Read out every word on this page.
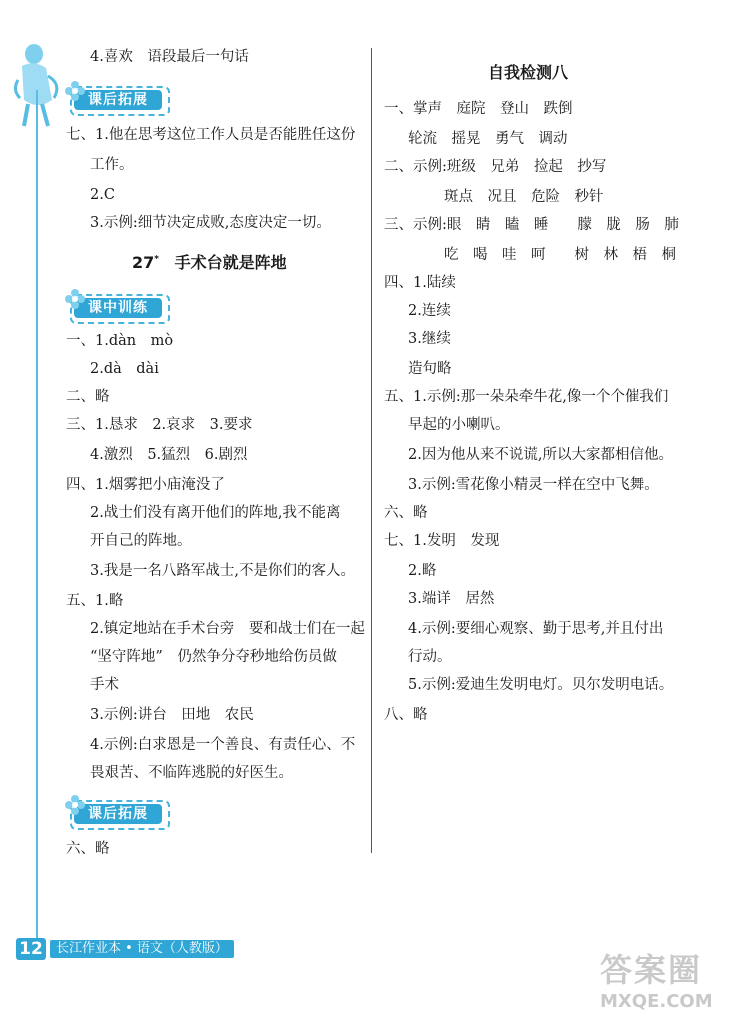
4.喜欢　语段最后一句话
课后拓展
七、1.他在思考这位工作人员是否能胜任这份
工作。
2.C
3.示例:细节决定成败,态度决定一切。
27* 手术台就是阵地
课中训练
一、1.dàn　mò
2.dà　dài
二、略
三、1.恳求　2.哀求　3.要求
4.激烈　5.猛烈　6.剧烈
四、1.烟雾把小庙淹没了
2.战士们没有离开他们的阵地,我不能离
开自己的阵地。
3.我是一名八路军战士,不是你们的客人。
五、1.略
2.镇定地站在手术台旁　要和战士们在一起
“坚守阵地”　仍然争分夺秒地给伤员做
手术
3.示例:讲台　田地　农民
4.示例:白求恩是一个善良、有责任心、不
畏艰苦、不临阵逃脱的好医生。
课后拓展
六、略
自我检测八
一、掌声　庭院　登山　跌倒
轮流　摇晃　勇气　调动
二、示例:班级　兄弟　捡起　抄写
斑点　况且　危险　秒针
三、示例:眼　睛　瞌　睡　　朦　胧　肠　肺
吃　喝　哇　呵　　树　林　梧　桐
四、1.陆续
2.连续
3.继续
造句略
五、1.示例:那一朵朵牵牛花,像一个个催我们
早起的小喇叭。
2.因为他从来不说谎,所以大家都相信他。
3.示例:雪花像小精灵一样在空中飞舞。
六、略
七、1.发明　发现
2.略
3.端详　居然
4.示例:要细心观察、勤于思考,并且付出
行动。
5.示例:爱迪生发明电灯。贝尔发明电话。
八、略
12	长江作业本 • 语文（人教版）
答案圈
MXQE.COM
